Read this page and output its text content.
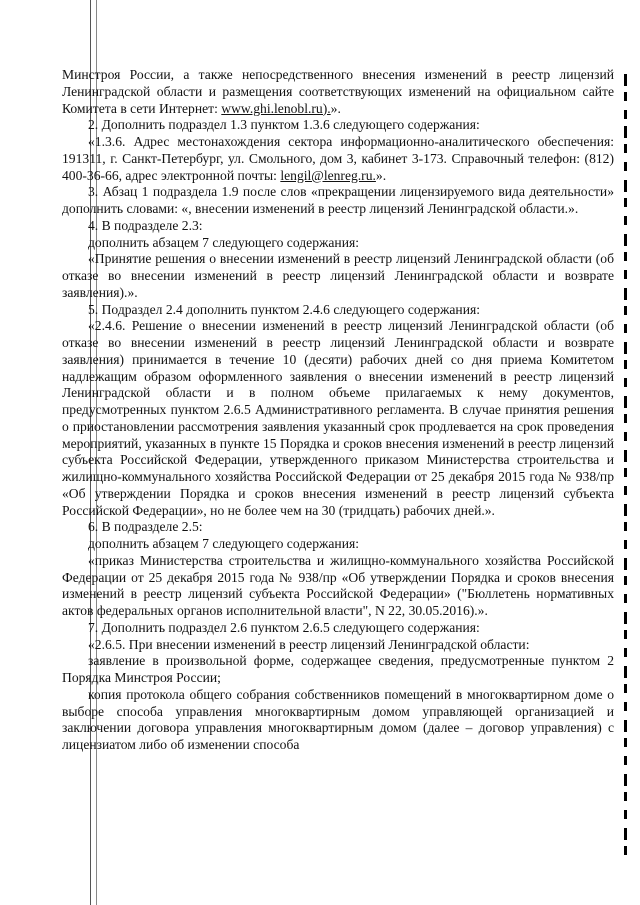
Минстроя России, а также непосредственного внесения изменений в реестр лицензий Ленинградской области и размещения соответствующих изменений на официальном сайте Комитета в сети Интернет: www.ghi.lenobl.ru).».

2. Дополнить подраздел 1.3 пунктом 1.3.6 следующего содержания:

«1.3.6. Адрес местонахождения сектора информационно-аналитического обеспечения: 191311, г. Санкт-Петербург, ул. Смольного, дом 3, кабинет 3-173. Справочный телефон: (812) 400-36-66, адрес электронной почты: lengil@lenreg.ru.».

3. Абзац 1 подраздела 1.9 после слов «прекращении лицензируемого вида деятельности» дополнить словами: «, внесении изменений в реестр лицензий Ленинградской области.».

4. В подразделе 2.3:

дополнить абзацем 7 следующего содержания:

«Принятие решения о внесении изменений в реестр лицензий Ленинградской области (об отказе во внесении изменений в реестр лицензий Ленинградской области и возврате заявления).».

5. Подраздел 2.4 дополнить пунктом 2.4.6 следующего содержания:

«2.4.6. Решение о внесении изменений в реестр лицензий Ленинградской области (об отказе во внесении изменений в реестр лицензий Ленинградской области и возврате заявления) принимается в течение 10 (десяти) рабочих дней со дня приема Комитетом надлежащим образом оформленного заявления о внесении изменений в реестр лицензий Ленинградской области и в полном объеме прилагаемых к нему документов, предусмотренных пунктом 2.6.5 Административного регламента. В случае принятия решения о приостановлении рассмотрения заявления указанный срок продлевается на срок проведения мероприятий, указанных в пункте 15 Порядка и сроков внесения изменений в реестр лицензий субъекта Российской Федерации, утвержденного приказом Министерства строительства и жилищно-коммунального хозяйства Российской Федерации от 25 декабря 2015 года № 938/пр «Об утверждении Порядка и сроков внесения изменений в реестр лицензий субъекта Российской Федерации», но не более чем на 30 (тридцать) рабочих дней.».

6. В подразделе 2.5:

дополнить абзацем 7 следующего содержания:

«приказ Министерства строительства и жилищно-коммунального хозяйства Российской Федерации от 25 декабря 2015 года № 938/пр «Об утверждении Порядка и сроков внесения изменений в реестр лицензий субъекта Российской Федерации» ("Бюллетень нормативных актов федеральных органов исполнительной власти", N 22, 30.05.2016).».

7. Дополнить подраздел 2.6 пунктом 2.6.5 следующего содержания:

«2.6.5. При внесении изменений в реестр лицензий Ленинградской области:

заявление в произвольной форме, содержащее сведения, предусмотренные пунктом 2 Порядка Минстроя России;

копия протокола общего собрания собственников помещений в многоквартирном доме о выборе способа управления многоквартирным домом управляющей организацией и заключении договора управления многоквартирным домом (далее – договор управления) с лицензиатом либо об изменении способа
